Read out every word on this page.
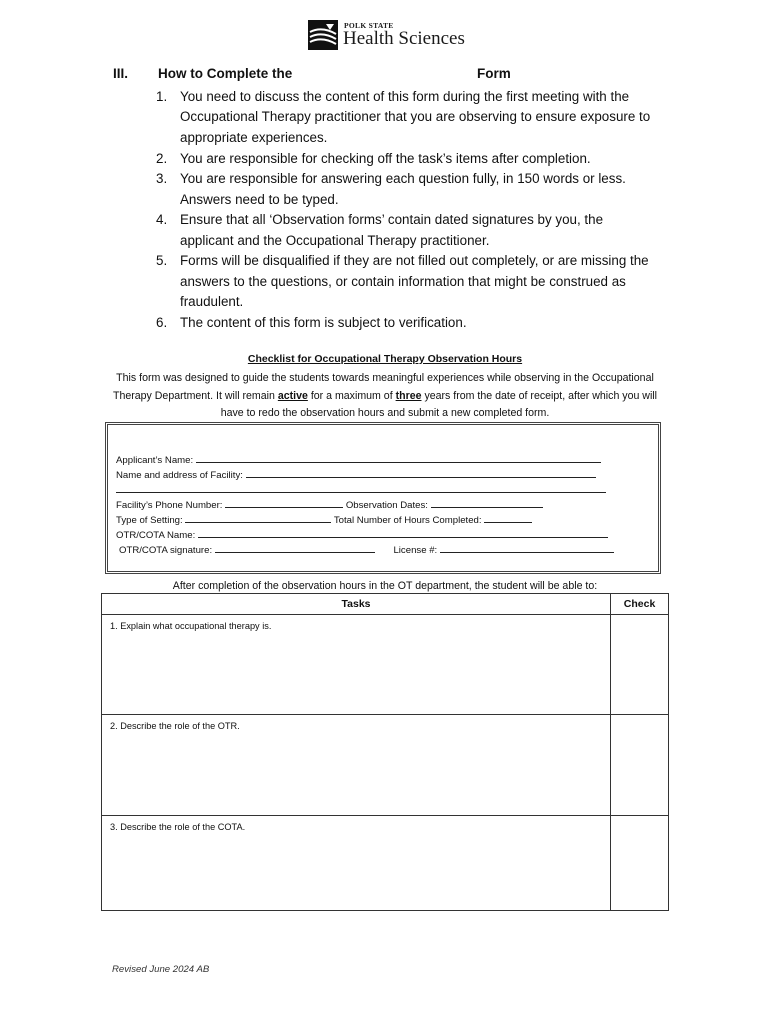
POLK STATE
Health Sciences
III. How to Complete the	Form
1. You need to discuss the content of this form during the first meeting with the Occupational Therapy practitioner that you are observing to ensure exposure to appropriate experiences.
2. You are responsible for checking off the task’s items after completion.
3. You are responsible for answering each question fully, in 150 words or less. Answers need to be typed.
4. Ensure that all ‘Observation forms’ contain dated signatures by you, the applicant and the Occupational Therapy practitioner.
5. Forms will be disqualified if they are not filled out completely, or are missing the answers to the questions, or contain information that might be construed as fraudulent.
6. The content of this form is subject to verification.
Checklist for Occupational Therapy Observation Hours
This form was designed to guide the students towards meaningful experiences while observing in the Occupational Therapy Department. It will remain active for a maximum of three years from the date of receipt, after which you will have to redo the observation hours and submit a new completed form.
Applicant’s Name:
Name and address of Facility:
Facility’s Phone Number:	Observation Dates:
Type of Setting:	Total Number of Hours Completed:
OTR/COTA Name:
OTR/COTA signature:	License #:
After completion of the observation hours in the OT department, the student will be able to:
Tasks	Check
1. Explain what occupational therapy is.	
2. Describe the role of the OTR.	
3. Describe the role of the COTA.	
Revised June 2024 AB
